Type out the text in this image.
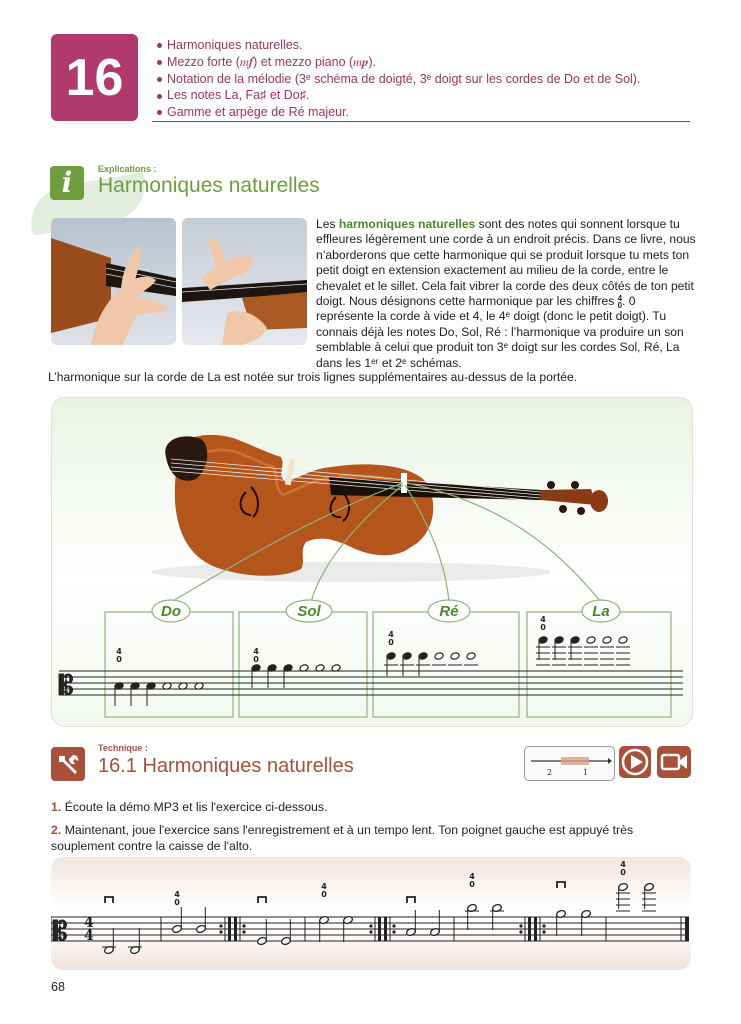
16
Harmoniques naturelles.
Mezzo forte (𝆐𝆑) et mezzo piano (𝆐𝆏).
Notation de la mélodie (3ᵉ schéma de doigté, 3ᵉ doigt sur les cordes de Do et de Sol).
Les notes La, Fa♯ et Do♯.
Gamme et arpège de Ré majeur.
i	Explications :
Harmoniques naturelles
Les harmoniques naturelles sont des notes qui sonnent lorsque tu effleures légèrement une corde à un endroit précis. Dans ce livre, nous n’aborderons que cette harmonique qui se produit lorsque tu mets ton petit doigt en extension exactement au milieu de la corde, entre le chevalet et le sillet. Cela fait vibrer la corde des deux côtés de ton petit doigt. Nous désignons cette harmonique par les chiffres 4
0 . 0 représente la corde à vide et 4, le 4ᵉ doigt (donc le petit doigt). Tu connais déjà les notes Do, Sol, Ré : l’harmonique va produire un son semblable à celui que produit ton 3ᵉ doigt sur les cordes Sol, Ré, La dans les 1ᵉʳ et 2ᵉ schémas.
L’harmonique sur la corde de La est notée sur trois lignes supplémentaires au-dessus de la portée.
Do	Sol	Ré	La
𝄡
4
0
4
0
4
0
4
0
Technique :
16.1 Harmoniques naturelles	2	1
1. Écoute la démo MP3 et lis l'exercice ci-dessous.
2. Maintenant, joue l'exercice sans l'enregistrement et à un tempo lent. Ton poignet gauche est appuyé très souplement contre la caisse de l'alto.
𝄡 4
4
4
0
4
0
4
0
4
0
68
